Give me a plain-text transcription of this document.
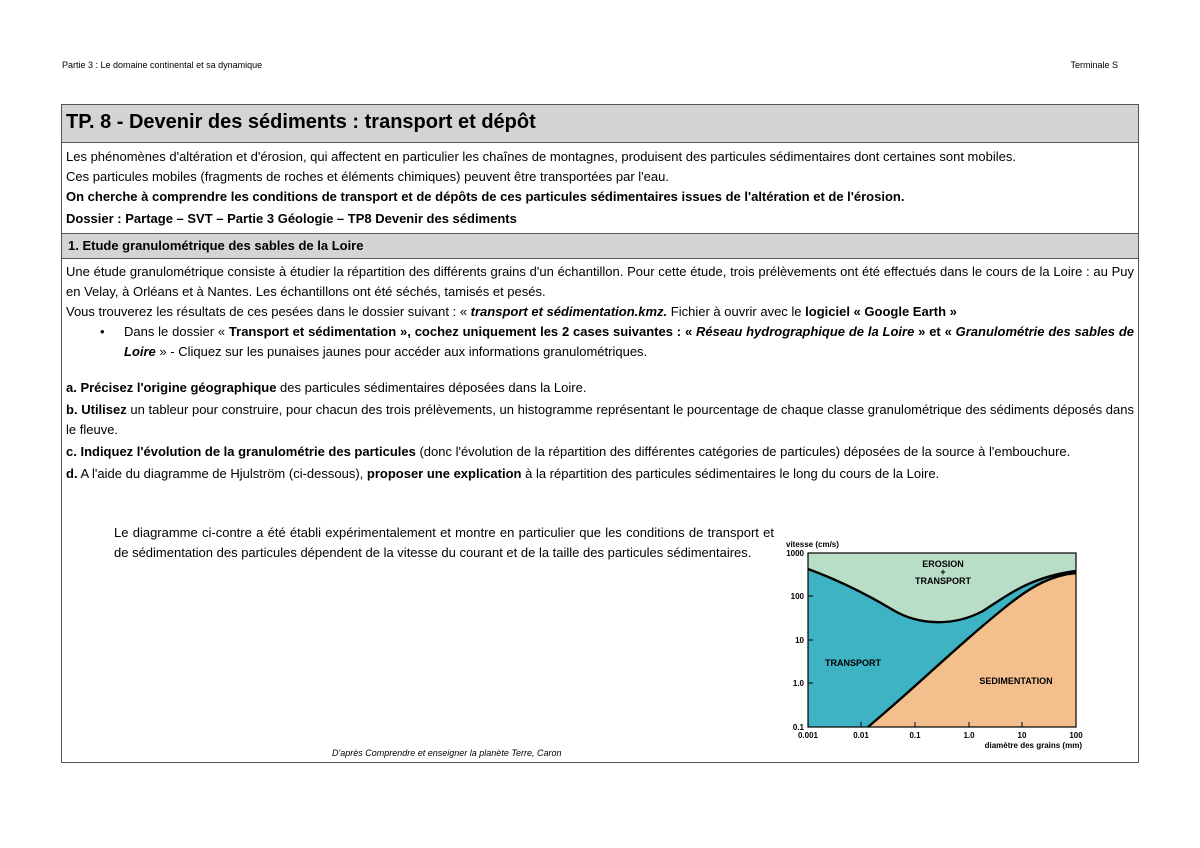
Partie 3 : Le domaine continental et sa dynamique	Terminale S
TP. 8 - Devenir des sédiments : transport et dépôt
Les phénomènes d'altération et d'érosion, qui affectent en particulier les chaînes de montagnes, produisent des particules sédimentaires dont certaines sont mobiles.
Ces particules mobiles (fragments de roches et éléments chimiques) peuvent être transportées par l'eau.
On cherche à comprendre les conditions de transport et de dépôts de ces particules sédimentaires issues de l'altération et de l'érosion.
Dossier : Partage – SVT – Partie 3 Géologie – TP8 Devenir des sédiments
1. Etude granulométrique des sables de la Loire
Une étude granulométrique consiste à étudier la répartition des différents grains d'un échantillon. Pour cette étude, trois prélèvements ont été effectués dans le cours de la Loire : au Puy en Velay, à Orléans et à Nantes. Les échantillons ont été séchés, tamisés et pesés.
Vous trouverez les résultats de ces pesées dans le dossier suivant : « transport et sédimentation.kmz. Fichier à ouvrir avec le logiciel « Google Earth »
• Dans le dossier « Transport et sédimentation », cochez uniquement les 2 cases suivantes : « Réseau hydrographique de la Loire » et « Granulométrie des sables de Loire » - Cliquez sur les punaises jaunes pour accéder aux informations granulométriques.
a. Précisez l'origine géographique des particules sédimentaires déposées dans la Loire.
b. Utilisez un tableur pour construire, pour chacun des trois prélèvements, un histogramme représentant le pourcentage de chaque classe granulométrique des sédiments déposés dans le fleuve.
c. Indiquez l'évolution de la granulométrie des particules (donc l'évolution de la répartition des différentes catégories de particules) déposées de la source à l'embouchure.
d. A l'aide du diagramme de Hjulström (ci-dessous), proposer une explication à la répartition des particules sédimentaires le long du cours de la Loire.
Le diagramme ci-contre a été établi expérimentalement et montre en particulier que les conditions de transport et de sédimentation des particules dépendent de la vitesse du courant et de la taille des particules sédimentaires.
D'après Comprendre et enseigner la planète Terre, Caron
vitesse (cm/s)
1000
100
10
1.0
0.1
0.001	0.01	0.1	1.0	10	100
diamètre des grains (mm)
EROSION
+
TRANSPORT
TRANSPORT
SEDIMENTATION
